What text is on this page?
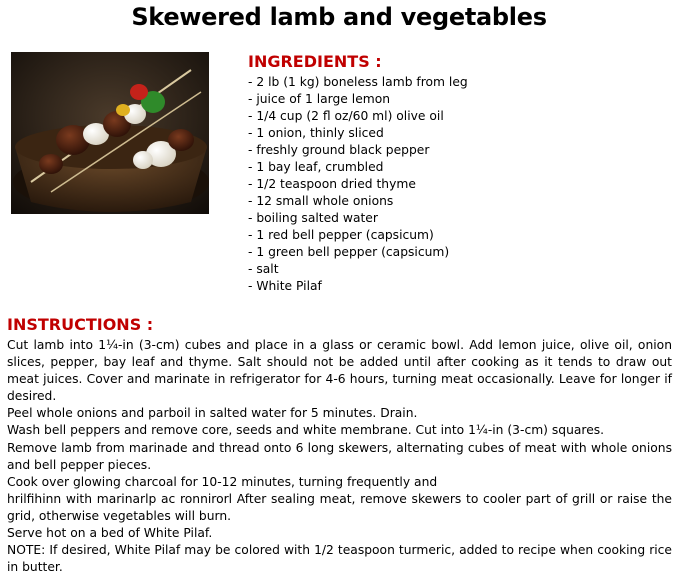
Skewered lamb and vegetables
INGREDIENTS :
- 2 lb (1 kg) boneless lamb from leg
- juice of 1 large lemon
- 1/4 cup (2 fl oz/60 ml) olive oil
- 1 onion, thinly sliced
- freshly ground black pepper
- 1 bay leaf, crumbled
- 1/2 teaspoon dried thyme
- 12 small whole onions
- boiling salted water
- 1 red bell pepper (capsicum)
- 1 green bell pepper (capsicum)
- salt
- White Pilaf
INSTRUCTIONS :

Cut lamb into 1¼-in (3-cm) cubes and place in a glass or ceramic bowl. Add lemon juice, olive oil, onion slices, pepper, bay leaf and thyme. Salt should not be added until after cooking as it tends to draw out meat juices. Cover and marinate in refrigerator for 4-6 hours, turning meat occasionally. Leave for longer if desired.

Peel whole onions and parboil in salted water for 5 minutes. Drain.

Wash bell peppers and remove core, seeds and white membrane. Cut into 1¼-in (3-cm) squares.

Remove lamb from marinade and thread onto 6 long skewers, alternating cubes of meat with whole onions and bell pepper pieces.

Cook over glowing charcoal for 10-12 minutes, turning frequently and

hrilfihinn with marinarlp ac ronnirorl After sealing meat, remove skewers to cooler part of grill or raise the grid, otherwise vegetables will burn.

Serve hot on a bed of White Pilaf.

NOTE: If desired, White Pilaf may be colored with 1/2 teaspoon turmeric, added to recipe when cooking rice in butter.
